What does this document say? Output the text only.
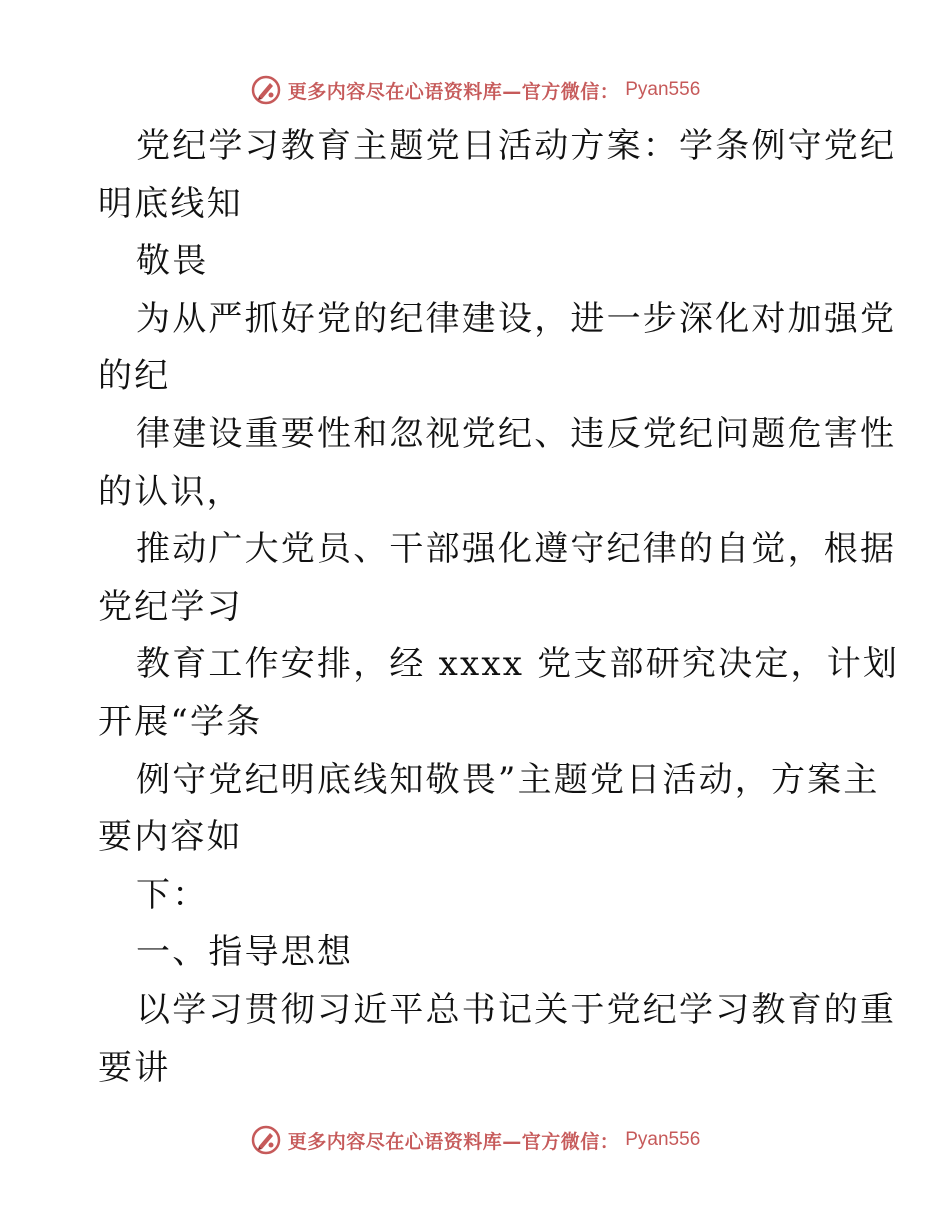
更多内容尽在心语资料库—官方微信： Pyan556
党纪学习教育主题党日活动方案：学条例守党纪
明底线知
敬畏
为从严抓好党的纪律建设，进一步深化对加强党
的纪
律建设重要性和忽视党纪、违反党纪问题危害性
的认识，
推动广大党员、干部强化遵守纪律的自觉，根据
党纪学习
教育工作安排，经 xxxx 党支部研究决定，计划
开展“学条
例守党纪明底线知敬畏”主题党日活动，方案主
要内容如
下：
一、指导思想
以学习贯彻习近平总书记关于党纪学习教育的重
要讲
更多内容尽在心语资料库—官方微信： Pyan556
